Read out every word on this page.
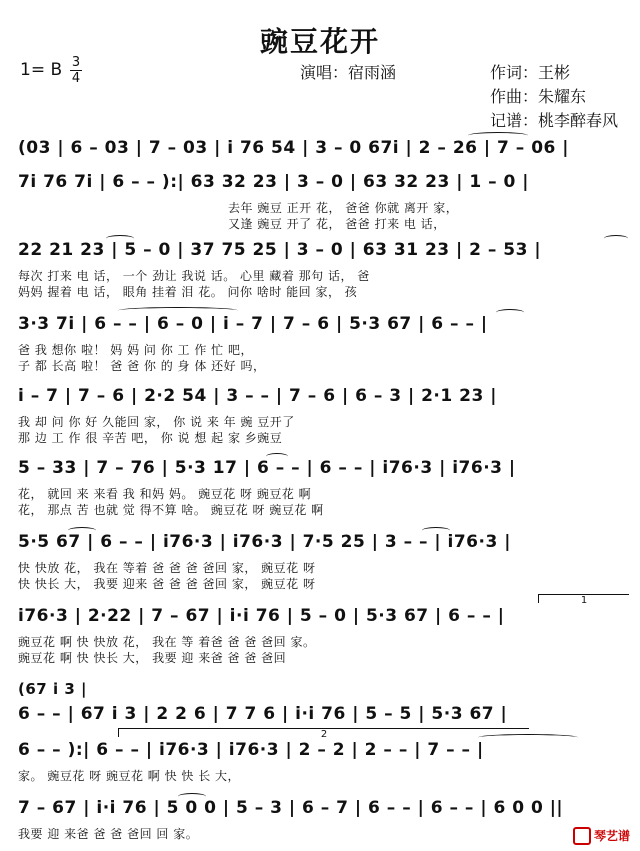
豌豆花开
1= B 3
4	演唱：宿雨涵	作词：王彬
作曲：朱耀东
记谱：桃李醉春风
(03 | 6 – 03 | 7 – 03 | i 76 54 | 3 – 0 67i | 2 – 26 | 7 – 06 |
7i 76 7i | 6 – – ):| 63 32 23 | 3 – 0 | 63 32 23 | 1 – 0 |
去年 豌豆 正开 花， 爸爸 你就 离开 家，
又逢 豌豆 开了 花， 爸爸 打来 电 话，
22 21 23 | 5 – 0 | 37 75 25 | 3 – 0 | 63 31 23 | 2 – 53 |
每次 打来 电 话， 一个 劲让 我说 话。 心里 藏着 那句 话， 爸
妈妈 握着 电 话， 眼角 挂着 泪 花。 问你 啥时 能回 家， 孩
3·3 7i | 6 – – | 6 – 0 | i – 7 | 7 – 6 | 5·3 67 | 6 – – |
爸 我 想你 啦！ 妈 妈 问 你 工 作 忙 吧，
子 都 长高 啦！ 爸 爸 你 的 身 体 还好 吗，
i – 7 | 7 – 6 | 2·2 54 | 3 – – | 7 – 6 | 6 – 3 | 2·1 23 |
我 却 问 你 好 久能回 家， 你 说 来 年 豌 豆开了
那 边 工 作 很 辛苦 吧， 你 说 想 起 家 乡豌豆
5 – 33 | 7 – 76 | 5·3 17 | 6 – – | 6 – – | i76·3 | i76·3 |
花， 就回 来 来看 我 和妈 妈。 豌豆花 呀 豌豆花 啊
花， 那点 苦 也就 觉 得不算 啥。 豌豆花 呀 豌豆花 啊
5·5 67 | 6 – – | i76·3 | i76·3 | 7·5 25 | 3 – – | i76·3 |
快 快放 花， 我在 等着 爸 爸 爸 爸回 家， 豌豆花 呀
快 快长 大， 我要 迎来 爸 爸 爸 爸回 家， 豌豆花 呀
i76·3 | 2·22 | 7 – 67 | i·i 76 | 5 – 0 | 5·3 67 | 6 – – |
豌豆花 啊 快 快放 花， 我在 等 着爸 爸 爸 爸回 家。
豌豆花 啊 快 快长 大， 我要 迎 来爸 爸 爸 爸回
1
(67 i 3 |
6 – – | 67 i 3 | 2 2 6 | 7 7 6 | i·i 76 | 5 – 5 | 5·3 67 |
2
6 – – ):| 6 – – | i76·3 | i76·3 | 2 – 2 | 2 – – | 7 – – |
家。 豌豆花 呀 豌豆花 啊 快 快 长 大，
7 – 67 | i·i 76 | 5 0 0 | 5 – 3 | 6 – 7 | 6 – – | 6 – – | 6 0 0 ||
我要 迎 来爸 爸 爸 爸回 回 家。	琴艺谱
